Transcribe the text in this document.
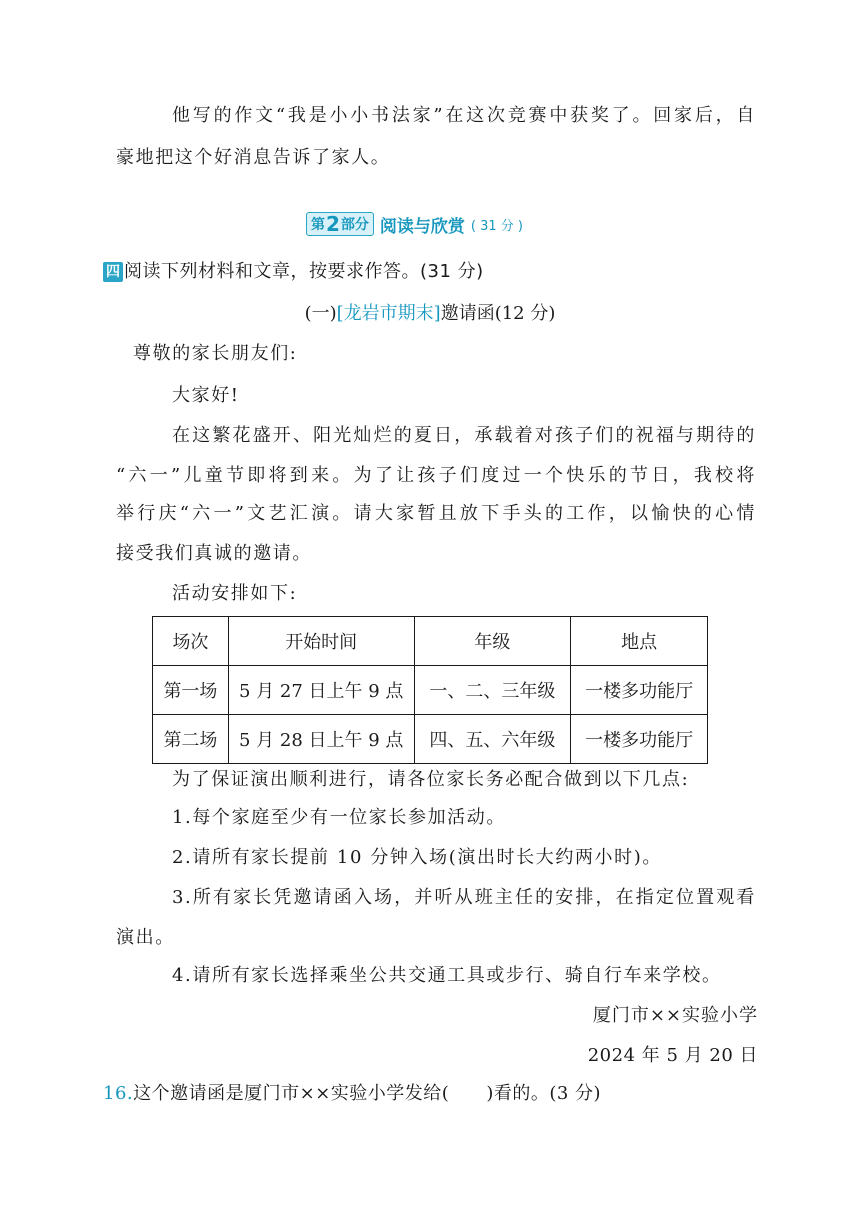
他写的作文“我是小小书法家”在这次竞赛中获奖了。回家后，自
豪地把这个好消息告诉了家人。
第 2 部分 阅读与欣赏 ( 31 分 )
四 阅读下列材料和文章，按要求作答。(31 分)
(一)[龙岩市期末]邀请函(12 分)
尊敬的家长朋友们:
大家好!
在这繁花盛开、阳光灿烂的夏日，承载着对孩子们的祝福与期待的
“六一”儿童节即将到来。为了让孩子们度过一个快乐的节日，我校将
举行庆“六一”文艺汇演。请大家暂且放下手头的工作，以愉快的心情
接受我们真诚的邀请。
活动安排如下:
场次	开始时间	年级	地点
第一场	5 月 27 日上午 9 点	一、二、三年级	一楼多功能厅
第二场	5 月 28 日上午 9 点	四、五、六年级	一楼多功能厅
为了保证演出顺利进行，请各位家长务必配合做到以下几点:
1.每个家庭至少有一位家长参加活动。
2.请所有家长提前 10 分钟入场(演出时长大约两小时)。
3.所有家长凭邀请函入场，并听从班主任的安排，在指定位置观看
演出。
4.请所有家长选择乘坐公共交通工具或步行、骑自行车来学校。
厦门市××实验小学
2024 年 5 月 20 日
16.这个邀请函是厦门市××实验小学发给(　　)看的。(3 分)
